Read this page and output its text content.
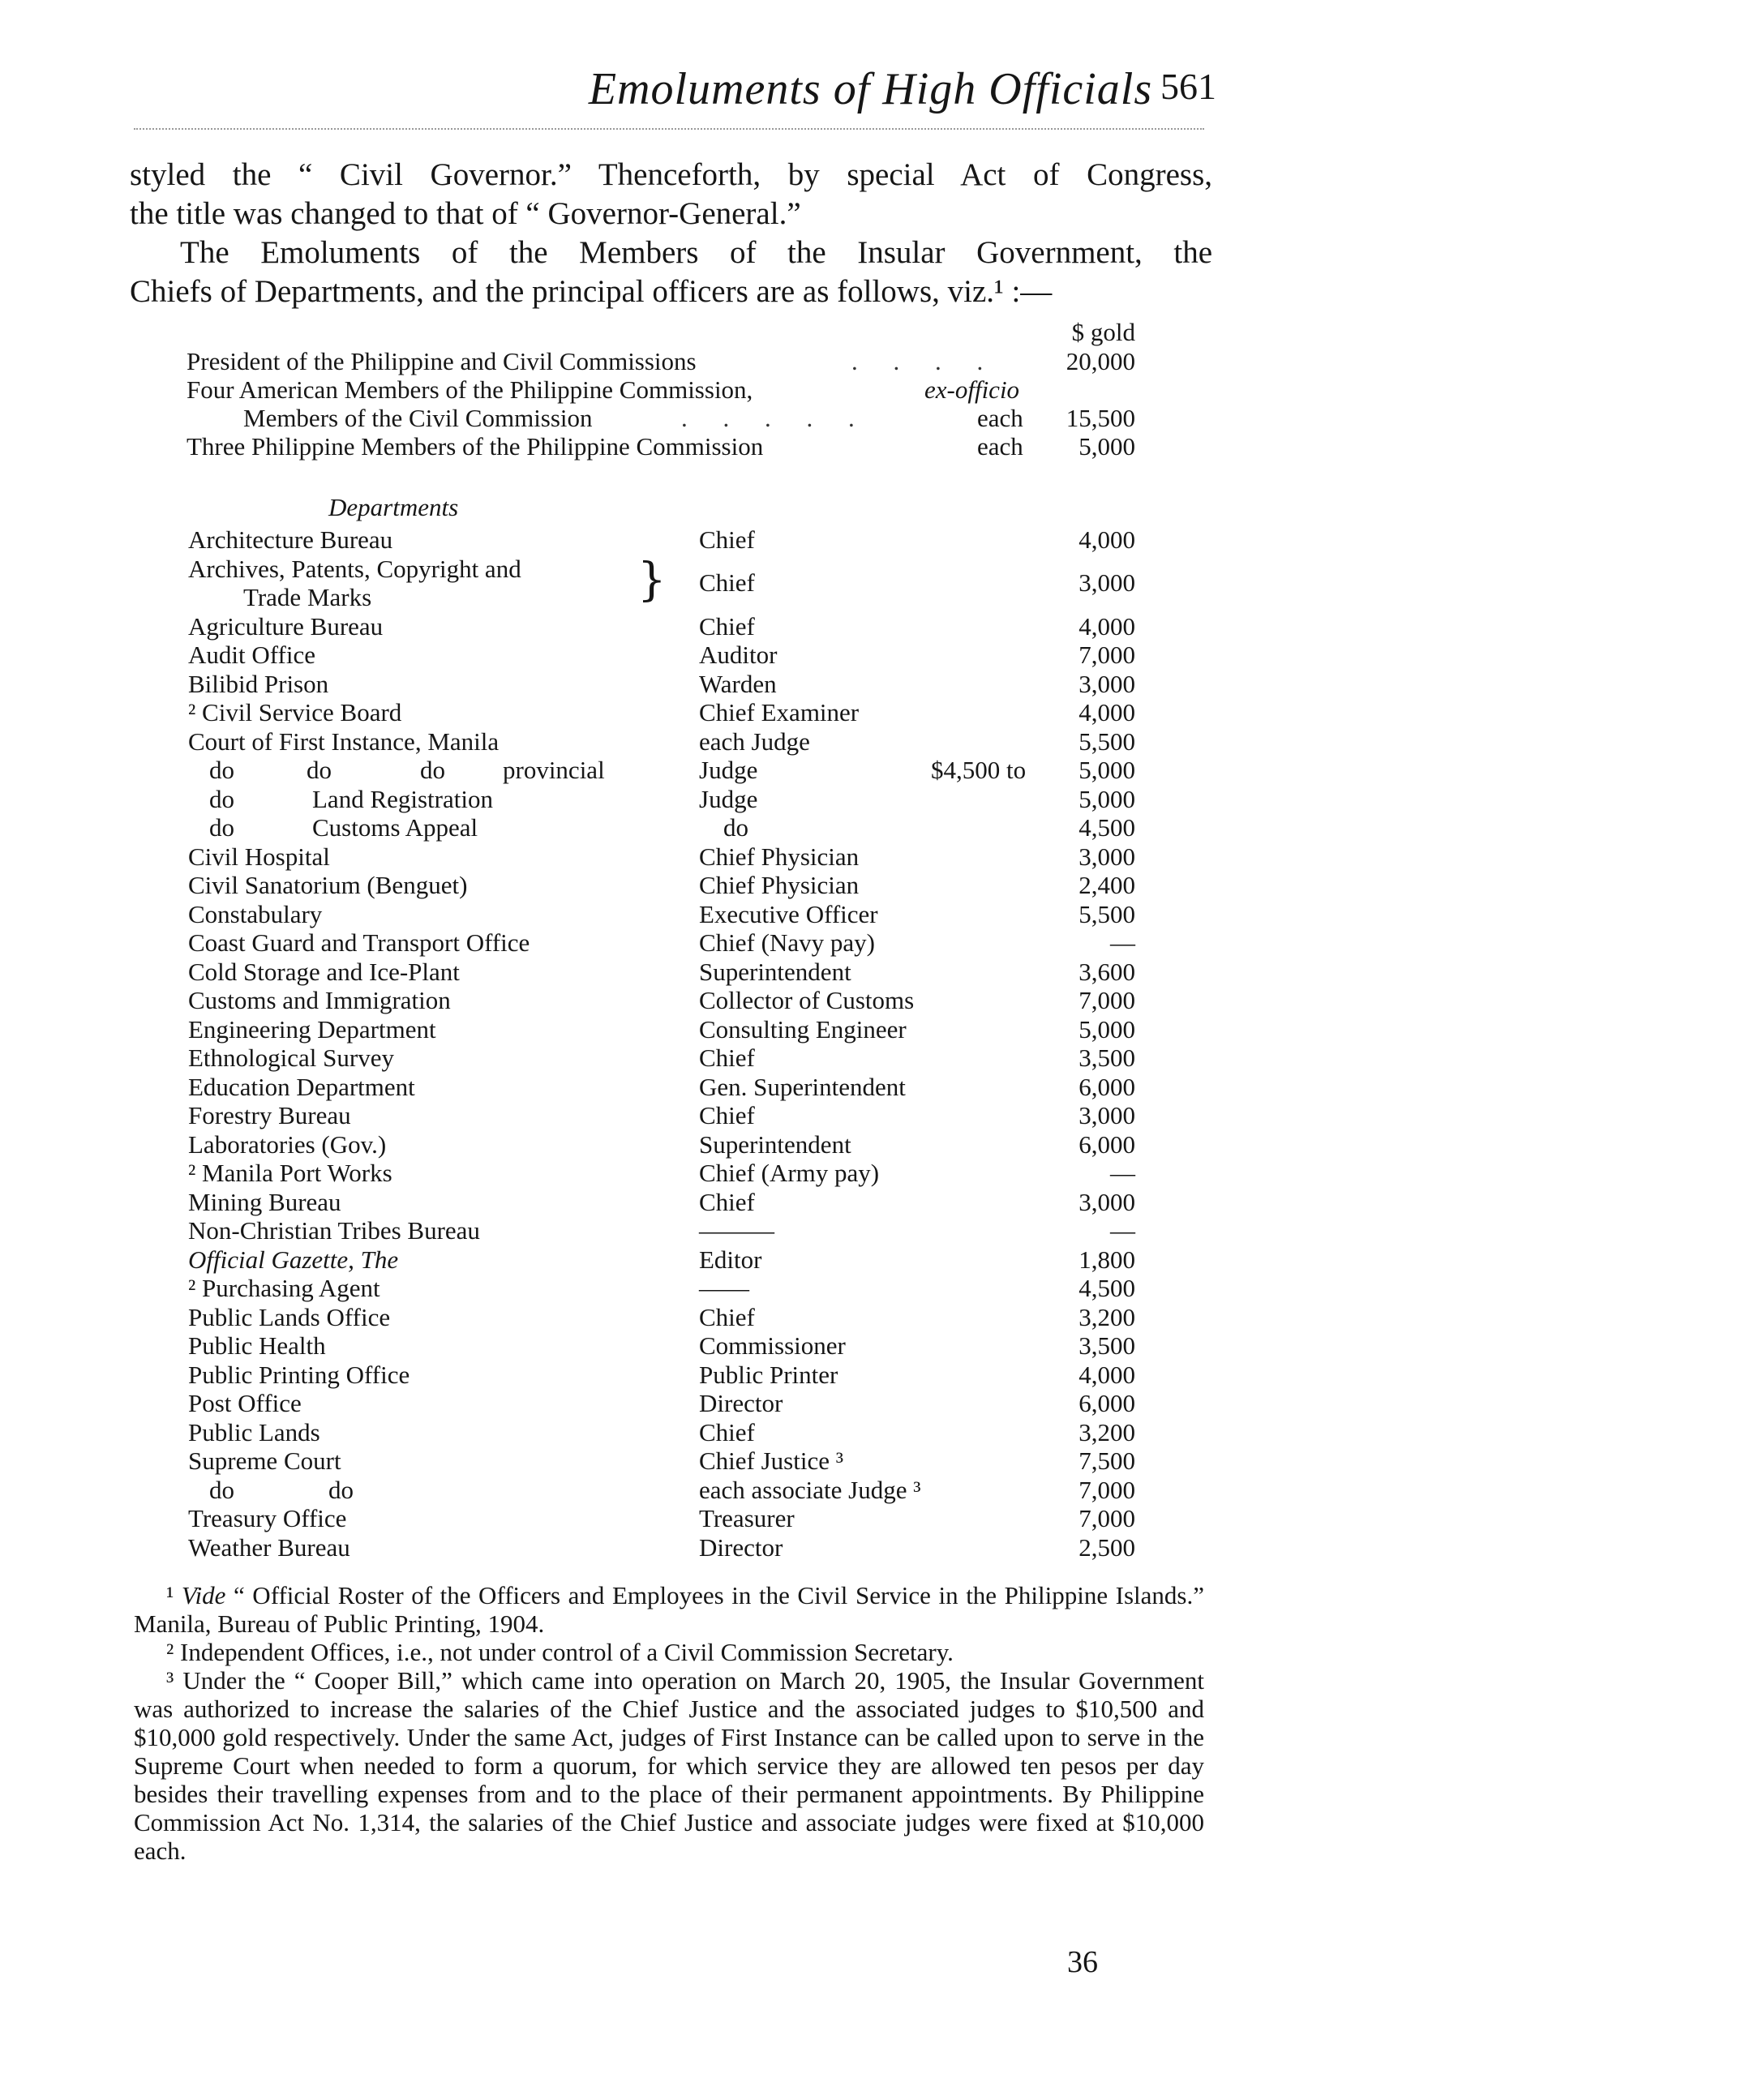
Emoluments of High Officials 561

styled the “ Civil Governor.” Thenceforth, by special Act of Congress,

the title was changed to that of “ Governor-General.”

The Emoluments of the Members of the Insular Government, the

Chiefs of Departments, and the principal officers are as follows, viz.¹ :—

$ gold
President of the Philippine and Civil Commissions	. . . .	20,000
Four American Members of the Philippine Commission,	ex-officio
Members of the Civil Commission	. . . . .	each	15,500
Three Philippine Members of the Philippine Commission	each	5,000
Departments
Architecture Bureau	Chief	4,000
Archives, Patents, Copyright and	Chief	3,000
Trade Marks	}
Agriculture Bureau	Chief	4,000
Audit Office	Auditor	7,000
Bilibid Prison	Warden	3,000
² Civil Service Board	Chief Examiner	4,000
Court of First Instance, Manila	each Judge	5,500
do	do	do provincial	Judge	$4,500 to	5,000
do	Land Registration	Judge	5,000
do	Customs Appeal	do	4,500
Civil Hospital	Chief Physician	3,000
Civil Sanatorium (Benguet)	Chief Physician	2,400
Constabulary	Executive Officer	5,500
Coast Guard and Transport Office	Chief (Navy pay)	—
Cold Storage and Ice-Plant	Superintendent	3,600
Customs and Immigration	Collector of Customs	7,000
Engineering Department	Consulting Engineer	5,000
Ethnological Survey	Chief	3,500
Education Department	Gen. Superintendent	6,000
Forestry Bureau	Chief	3,000
Laboratories (Gov.)	Superintendent	6,000
² Manila Port Works	Chief (Army pay)	—
Mining Bureau	Chief	3,000
Non-Christian Tribes Bureau	———	—
Official Gazette, The	Editor	1,800
² Purchasing Agent	——	4,500
Public Lands Office	Chief	3,200
Public Health	Commissioner	3,500
Public Printing Office	Public Printer	4,000
Post Office	Director	6,000
Public Lands	Chief	3,200
Supreme Court	Chief Justice ³	7,500
do	do	each associate Judge ³	7,000
Treasury Office	Treasurer	7,000
Weather Bureau	Director	2,500

¹ Vide “ Official Roster of the Officers and Employees in the Civil Service in the Philippine Islands.” Manila, Bureau of Public Printing, 1904.

² Independent Offices, i.e., not under control of a Civil Commission Secretary.

³ Under the “ Cooper Bill,” which came into operation on March 20, 1905, the Insular Government was authorized to increase the salaries of the Chief Justice and the associated judges to $10,500 and $10,000 gold respectively. Under the same Act, judges of First Instance can be called upon to serve in the Supreme Court when needed to form a quorum, for which service they are allowed ten pesos per day besides their travelling expenses from and to the place of their permanent appointments. By Philippine Commission Act No. 1,314, the salaries of the Chief Justice and associate judges were fixed at $10,000 each.

36
